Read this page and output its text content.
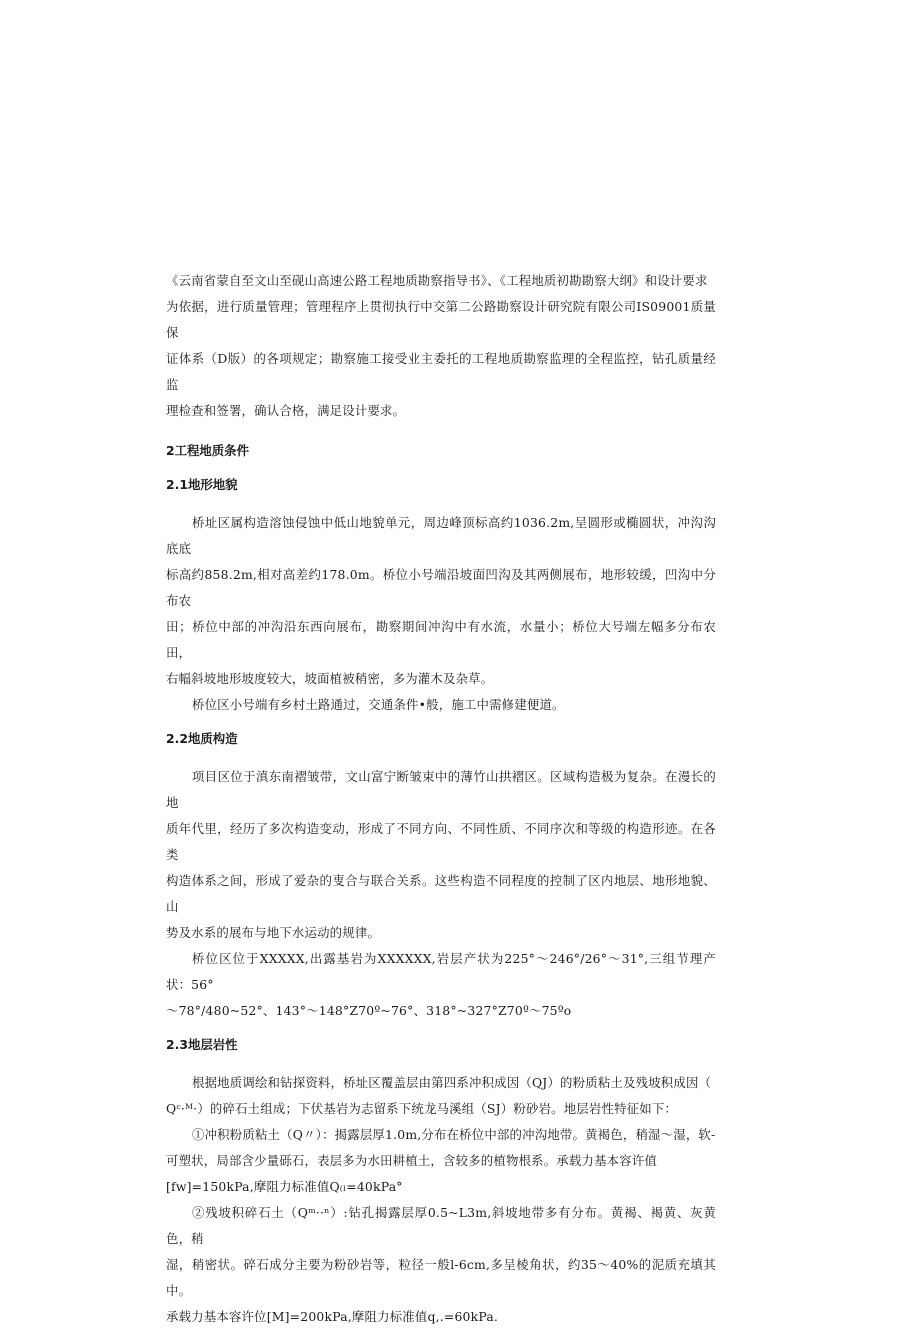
《云南省蒙自至文山至砚山高速公路工程地质勘察指导书》、《工程地质初勘勘察大纲》和设计要求

为依据，进行质量管理；管理程序上贯彻执行中交第二公路勘察设计研究院有限公司IS09001质量保

证体系（D版）的各项规定；勘察施工接受业主委托的工程地质勘察监理的全程监控，钻孔质量经监

理检查和签署，确认合格，满足设计要求。

2工程地质条件
2.1地形地貌

桥址区属构造溶蚀侵蚀中低山地貌单元，周边峰顶标高约1036.2m,呈圆形或椭圆状，冲沟沟底底

标高约858.2m,相对高差约178.0m。桥位小号端沿坡面凹沟及其两侧展布，地形较缓，凹沟中分布农

田；桥位中部的冲沟沿东西向展布，勘察期间冲沟中有水流，水量小；桥位大号端左幅多分布农田，

右幅斜坡地形坡度较大，坡面植被稍密，多为灌木及杂草。

桥位区小号端有乡村土路通过，交通条件•般，施工中需修建便道。

2.2地质构造

项目区位于滇东南褶皱带，文山富宁断皱束中的薄竹山拱褶区。区域构造极为复杂。在漫长的地

质年代里，经历了多次构造变动，形成了不同方向、不同性质、不同序次和等级的构造形迹。在各类

构造体系之间，形成了爱杂的叓合与联合关系。这些构造不同程度的控制了区内地层、地形地貌、山

势及水系的展布与地下水运动的规律。

桥位区位于XXXXX,出露基岩为XXXXXX,岩层产状为225°～246°/26°～31°,三组节理产状：56°

～78°/480~52°、143°～148°Z70º~76°、318°~327°Z70º～75ºo

2.3地层岩性

根据地质调绘和钻探资料，桥址区覆盖层由第四系冲积成因（QJ）的粉质粘土及残坡积成因（

Qᶜ·ᴹ·）的碎石土组成；下伏基岩为志留系下统龙马溪组（SJ）粉砂岩。地层岩性特征如下：

①冲积粉质粘土（Q〃）：揭露层厚1.0m,分布在桥位中部的冲沟地带。黄褐色，稍湿～湿，软-

可塑状，局部含少量砾石，表层多为水田耕植土，含较多的植物根系。承载力基本容许值

[fw]=150kPa,摩阻力标准值Q₍ₗ=40kPa°

②残坡积碎石土（Qᵐ··ⁿ）:钻孔揭露层厚0.5~L3m,斜坡地带多有分布。黄褐、褐黄、灰黄色，稍

湿，稍密状。碎石成分主要为粉砂岩等，粒径一般l-6cm,多呈棱角状，约35～40%的泥质充填其中。

承载力基本容许位[M]=200kPa,摩阻力标准值q,.=60kPa.
